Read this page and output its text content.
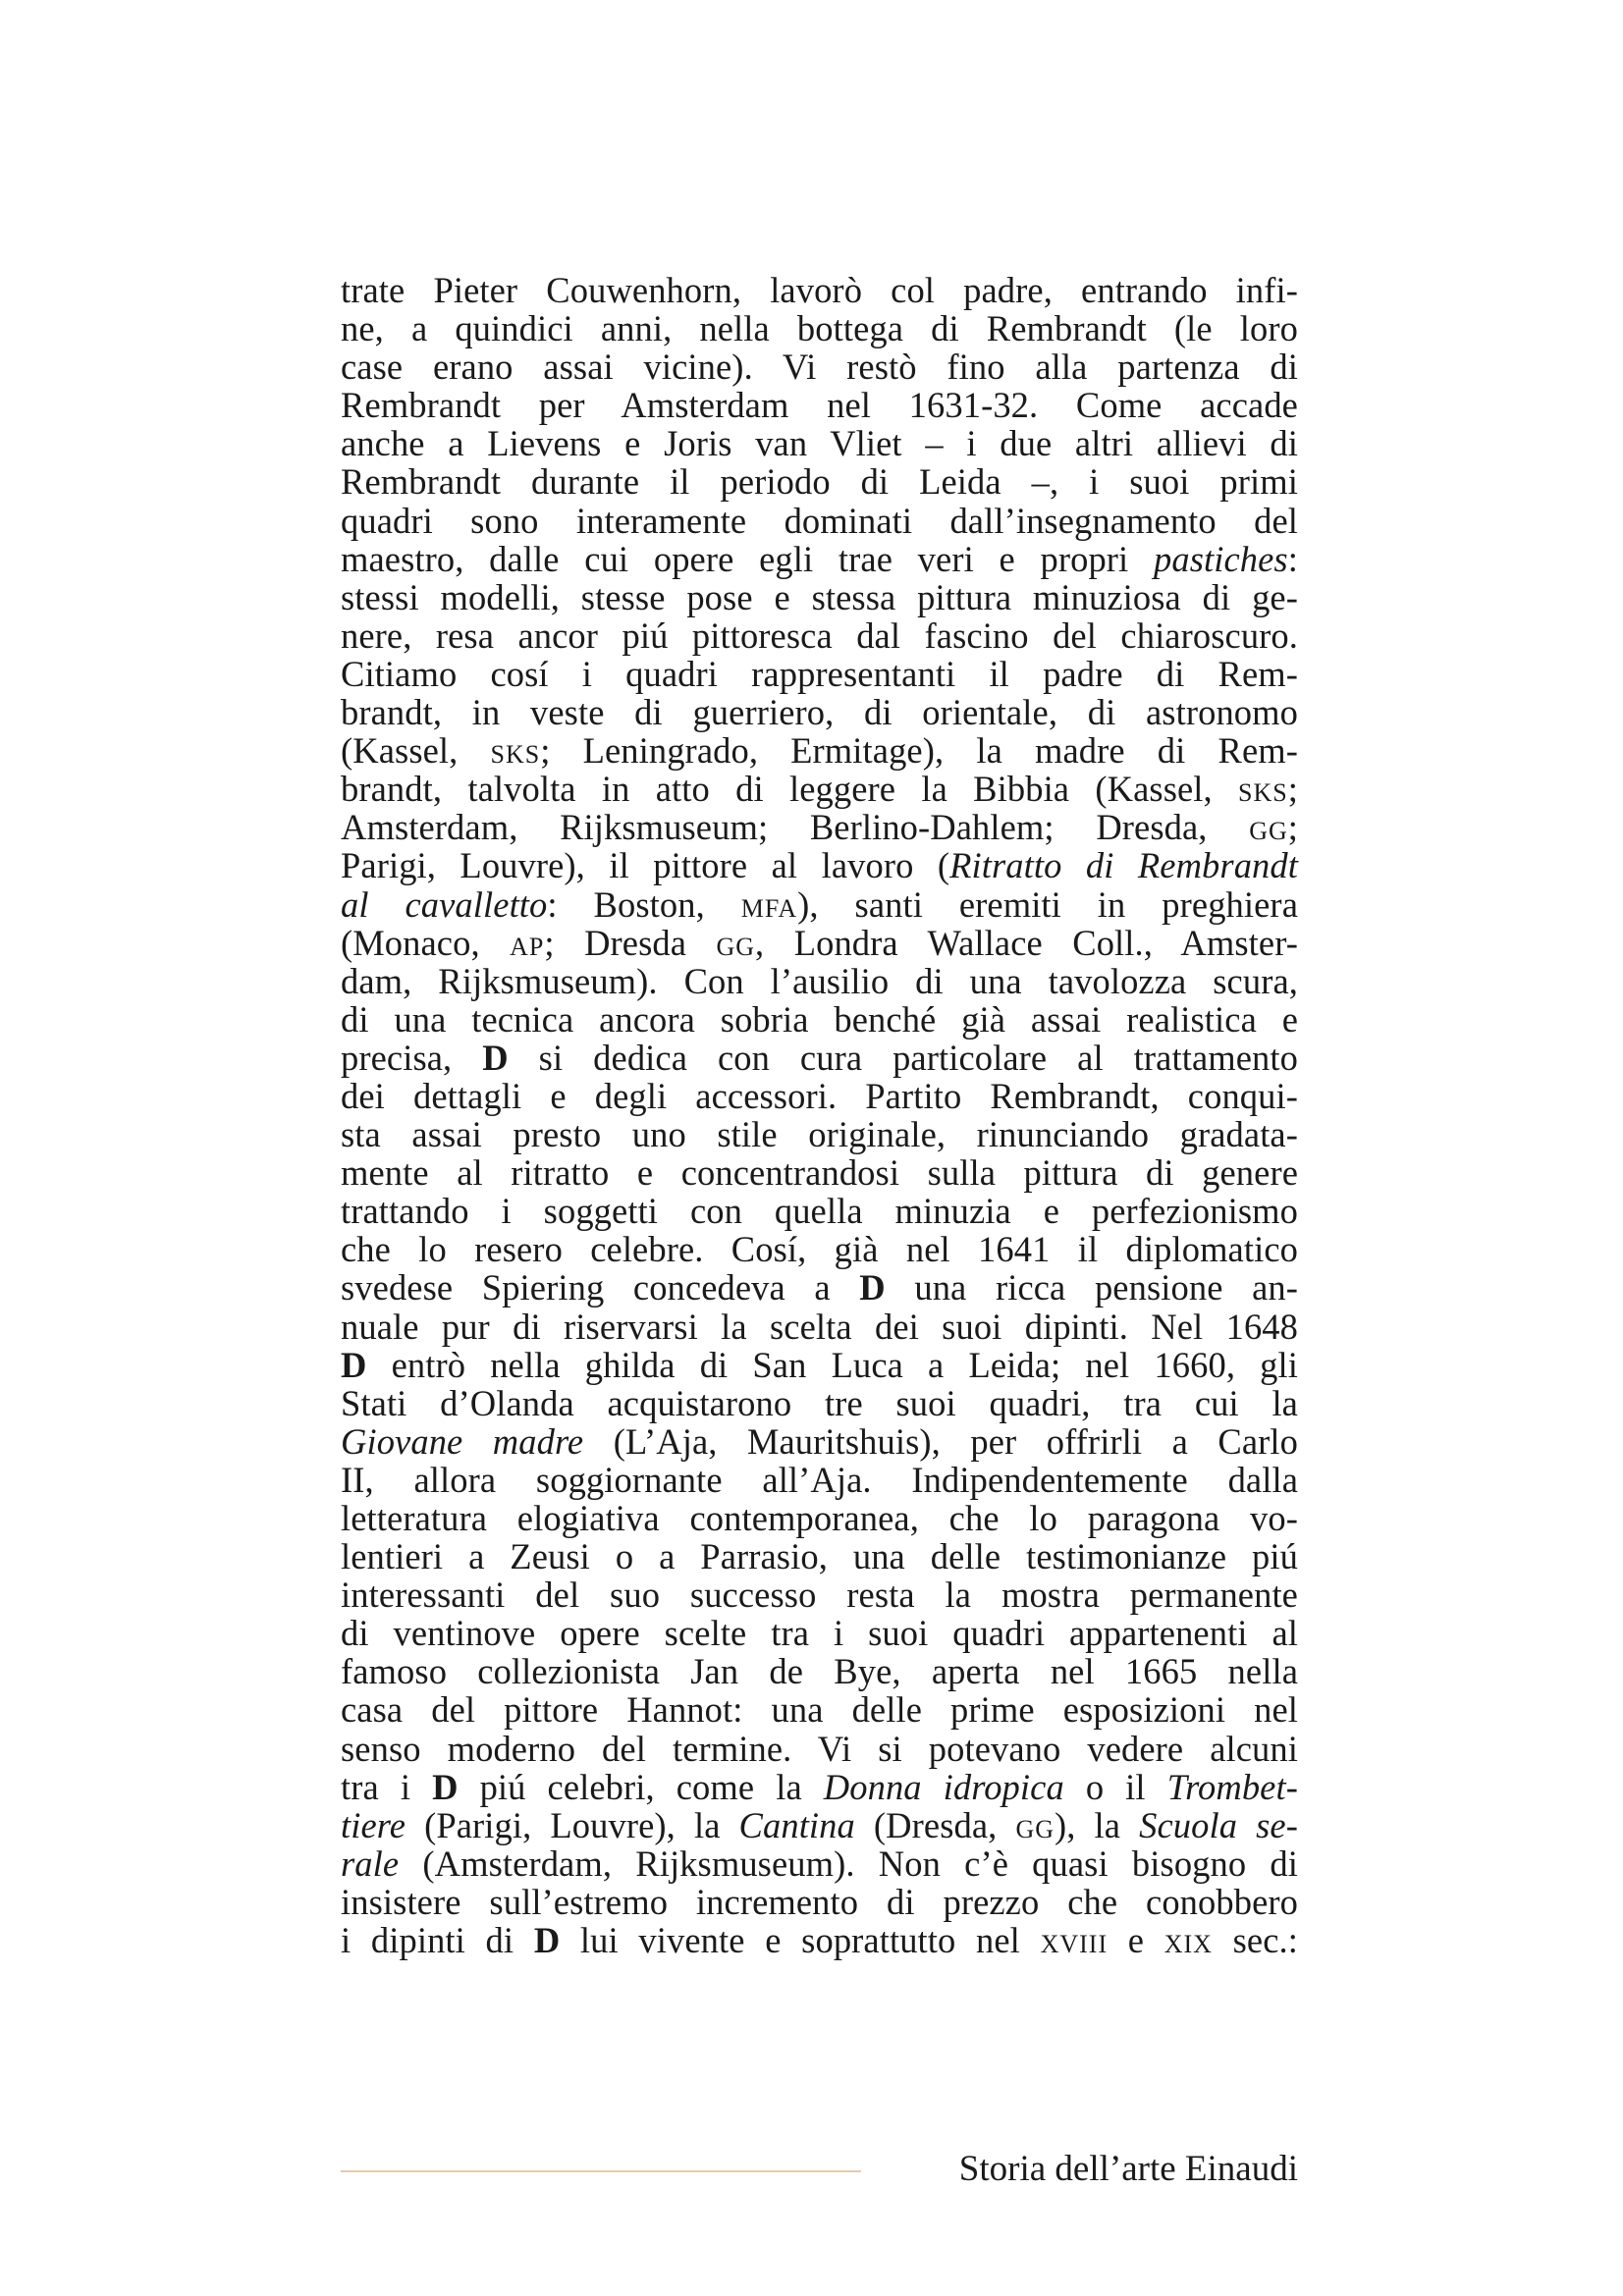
trate Pieter Couwenhorn, lavorò col padre, entrando infi-
ne, a quindici anni, nella bottega di Rembrandt (le loro
case erano assai vicine). Vi restò fino alla partenza di
Rembrandt per Amsterdam nel 1631-32. Come accade
anche a Lievens e Joris van Vliet – i due altri allievi di
Rembrandt durante il periodo di Leida –, i suoi primi
quadri sono interamente dominati dall’insegnamento del
maestro, dalle cui opere egli trae veri e propri pastiches:
stessi modelli, stesse pose e stessa pittura minuziosa di ge-
nere, resa ancor piú pittoresca dal fascino del chiaroscuro.
Citiamo cosí i quadri rappresentanti il padre di Rem-
brandt, in veste di guerriero, di orientale, di astronomo
(Kassel, sks; Leningrado, Ermitage), la madre di Rem-
brandt, talvolta in atto di leggere la Bibbia (Kassel, sks;
Amsterdam, Rijksmuseum; Berlino-Dahlem; Dresda, gg;
Parigi, Louvre), il pittore al lavoro (Ritratto di Rembrandt
al cavalletto: Boston, mfa), santi eremiti in preghiera
(Monaco, ap; Dresda gg, Londra Wallace Coll., Amster-
dam, Rijksmuseum). Con l’ausilio di una tavolozza scura,
di una tecnica ancora sobria benché già assai realistica e
precisa, D si dedica con cura particolare al trattamento
dei dettagli e degli accessori. Partito Rembrandt, conqui-
sta assai presto uno stile originale, rinunciando gradata-
mente al ritratto e concentrandosi sulla pittura di genere
trattando i soggetti con quella minuzia e perfezionismo
che lo resero celebre. Cosí, già nel 1641 il diplomatico
svedese Spiering concedeva a D una ricca pensione an-
nuale pur di riservarsi la scelta dei suoi dipinti. Nel 1648
D entrò nella ghilda di San Luca a Leida; nel 1660, gli
Stati d’Olanda acquistarono tre suoi quadri, tra cui la
Giovane madre (L’Aja, Mauritshuis), per offrirli a Carlo
II, allora soggiornante all’Aja. Indipendentemente dalla
letteratura elogiativa contemporanea, che lo paragona vo-
lentieri a Zeusi o a Parrasio, una delle testimonianze piú
interessanti del suo successo resta la mostra permanente
di ventinove opere scelte tra i suoi quadri appartenenti al
famoso collezionista Jan de Bye, aperta nel 1665 nella
casa del pittore Hannot: una delle prime esposizioni nel
senso moderno del termine. Vi si potevano vedere alcuni
tra i D piú celebri, come la Donna idropica o il Trombet-
tiere (Parigi, Louvre), la Cantina (Dresda, gg), la Scuola se-
rale (Amsterdam, Rijksmuseum). Non c’è quasi bisogno di
insistere sull’estremo incremento di prezzo che conobbero
i dipinti di D lui vivente e soprattutto nel xviii e xix sec.:
Storia dell’arte Einaudi
